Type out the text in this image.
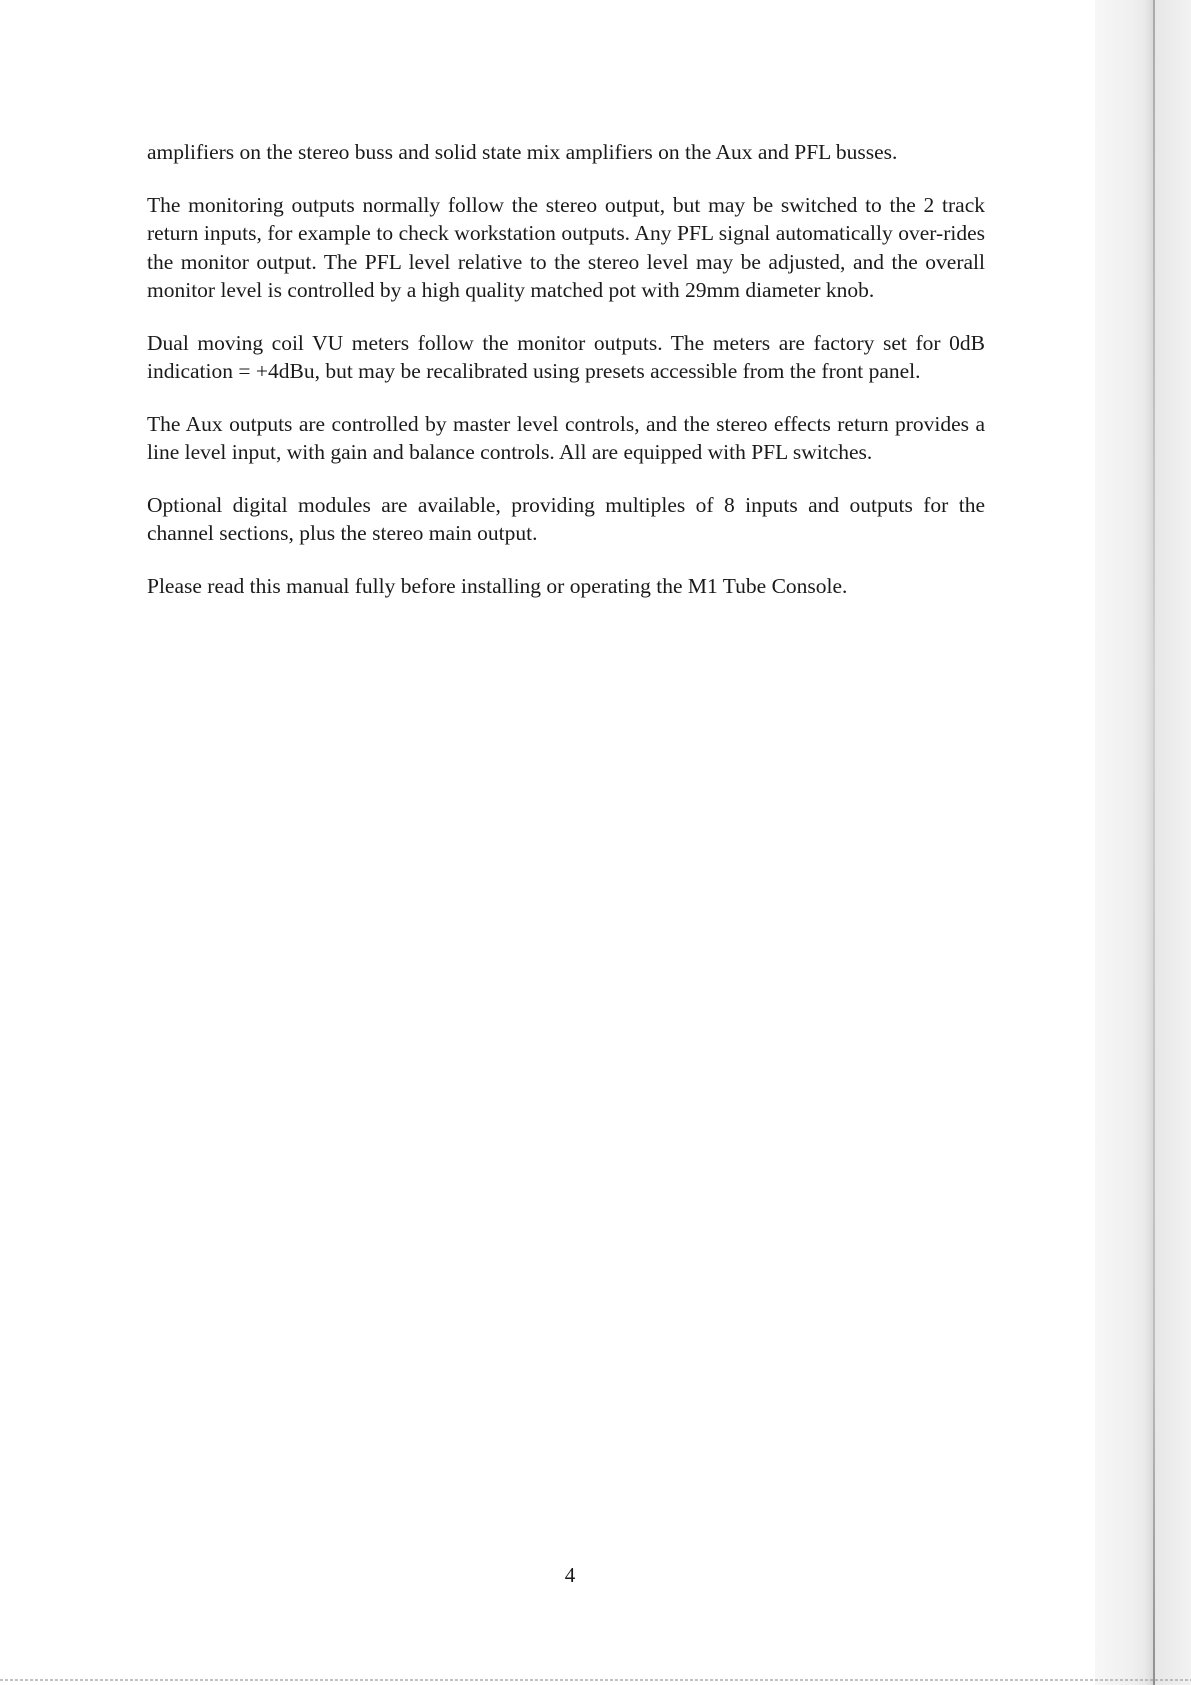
amplifiers on the stereo buss and solid state mix amplifiers on the Aux and PFL busses.

The monitoring outputs normally follow the stereo output, but may be switched to the 2 track return inputs, for example to check workstation outputs. Any PFL signal automatically over-rides the monitor output. The PFL level relative to the stereo level may be adjusted, and the overall monitor level is controlled by a high quality matched pot with 29mm diameter knob.

Dual moving coil VU meters follow the monitor outputs. The meters are factory set for 0dB indication = +4dBu, but may be recalibrated using presets accessible from the front panel.

The Aux outputs are controlled by master level controls, and the stereo effects return provides a line level input, with gain and balance controls. All are equipped with PFL switches.

Optional digital modules are available, providing multiples of 8 inputs and outputs for the channel sections, plus the stereo main output.

Please read this manual fully before installing or operating the M1 Tube Console.

4
